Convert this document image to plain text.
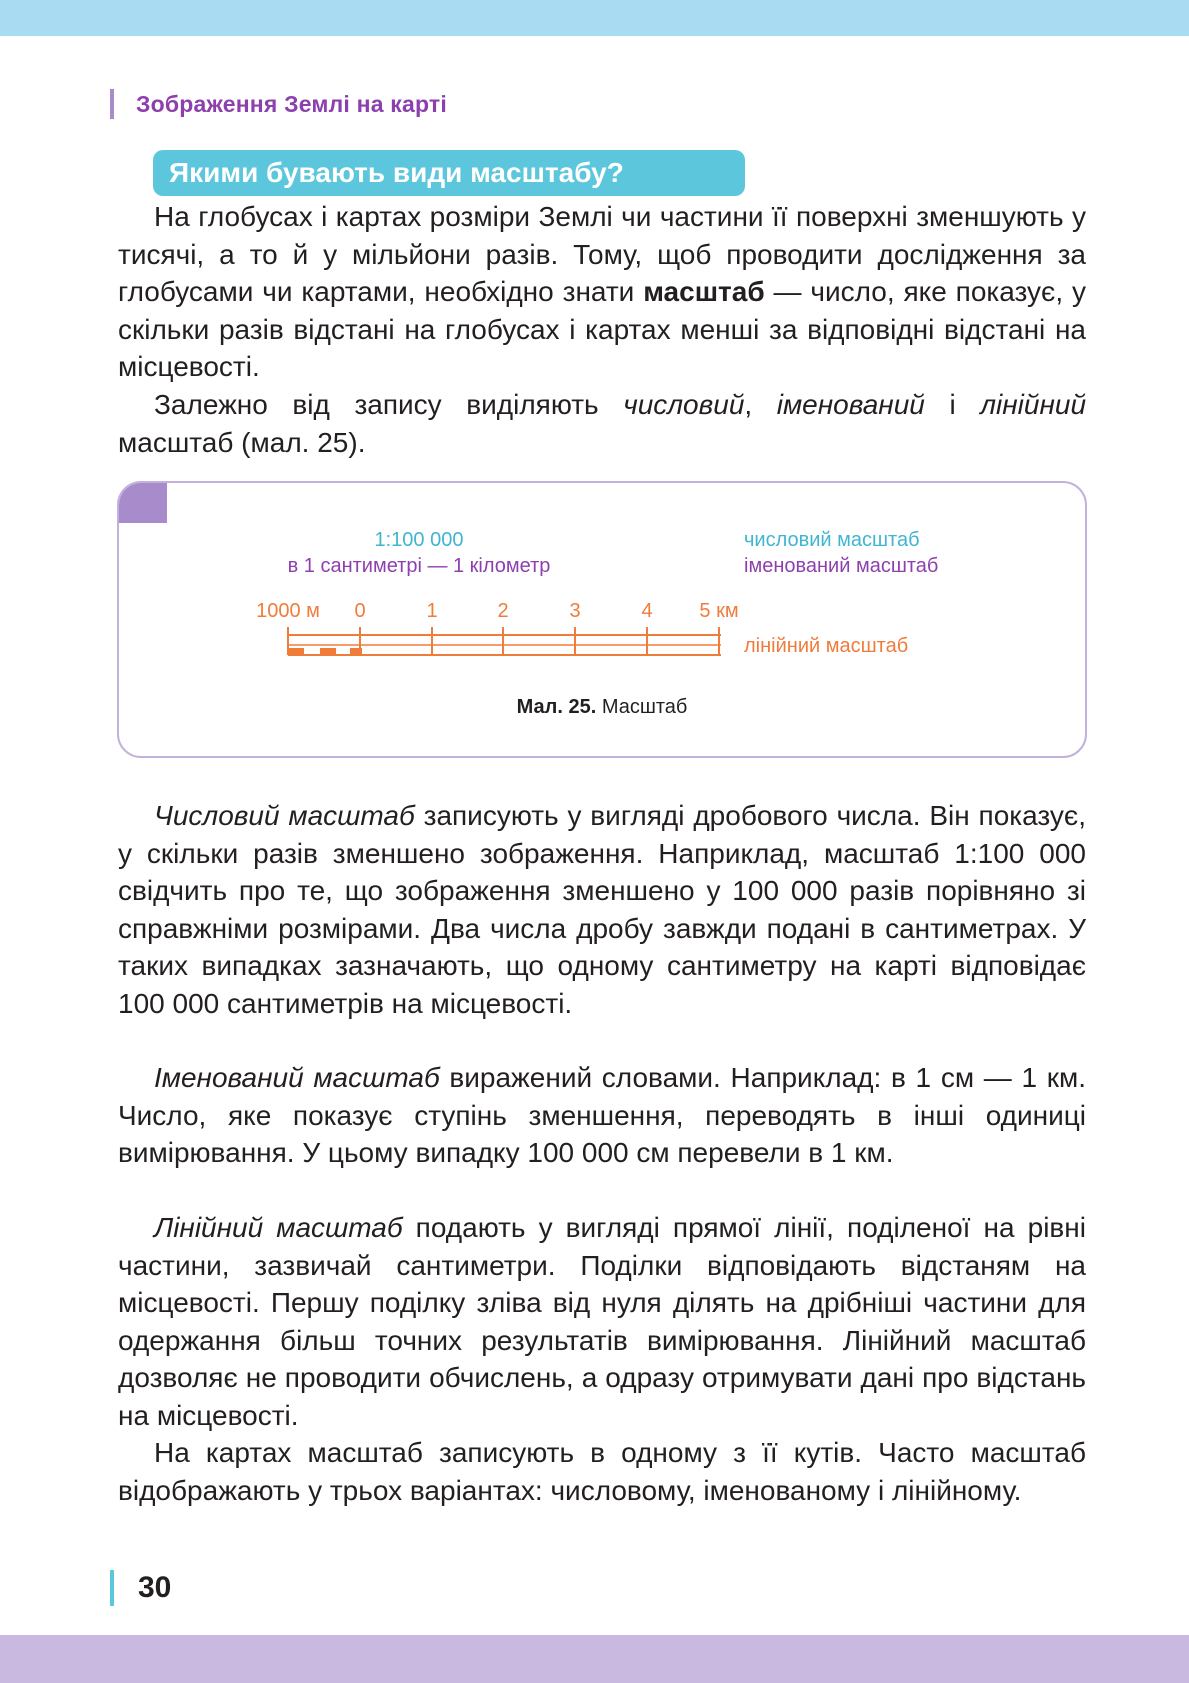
Зображення Землі на карті
Якими бувають види масштабу?

На глобусах і картах розміри Землі чи частини її поверхні зменшують у тисячі, а то й у мільйони разів. Тому, щоб проводити дослідження за глобусами чи картами, необхідно знати масштаб — число, яке показує, у скільки разів відстані на глобусах і картах менші за відповідні відстані на місцевості.

Залежно від запису виділяють числовий, іменований і лінійний масштаб (мал. 25).

1:100 000
в 1 сантиметрі — 1 кілометр
числовий масштаб
іменований масштаб
1000 м 0	1	2	3	4 5 км
лінійний масштаб
Мал. 25. Масштаб

Числовий масштаб записують у вигляді дробового числа. Він показує, у скільки разів зменшено зображення. Наприклад, масштаб 1:100 000 свідчить про те, що зображення зменшено у 100 000 разів порівняно зі справжніми розмірами. Два числа дробу завжди подані в сантиметрах. У таких випадках зазначають, що одному сантиметру на карті відповідає 100 000 сантиметрів на місцевості.

Іменований масштаб виражений словами. Наприклад: в 1 см — 1 км. Число, яке показує ступінь зменшення, переводять в інші одиниці вимірювання. У цьому випадку 100 000 см перевели в 1 км.

Лінійний масштаб подають у вигляді прямої лінії, поділеної на рівні частини, зазвичай сантиметри. Поділки відповідають відстаням на місцевості. Першу поділку зліва від нуля ділять на дрібніші частини для одержання більш точних результатів вимірювання. Лінійний масштаб дозволяє не проводити обчислень, а одразу отримувати дані про відстань на місцевості.

На картах масштаб записують в одному з її кутів. Часто масштаб відображають у трьох варіантах: числовому, іменованому і лінійному.

30
